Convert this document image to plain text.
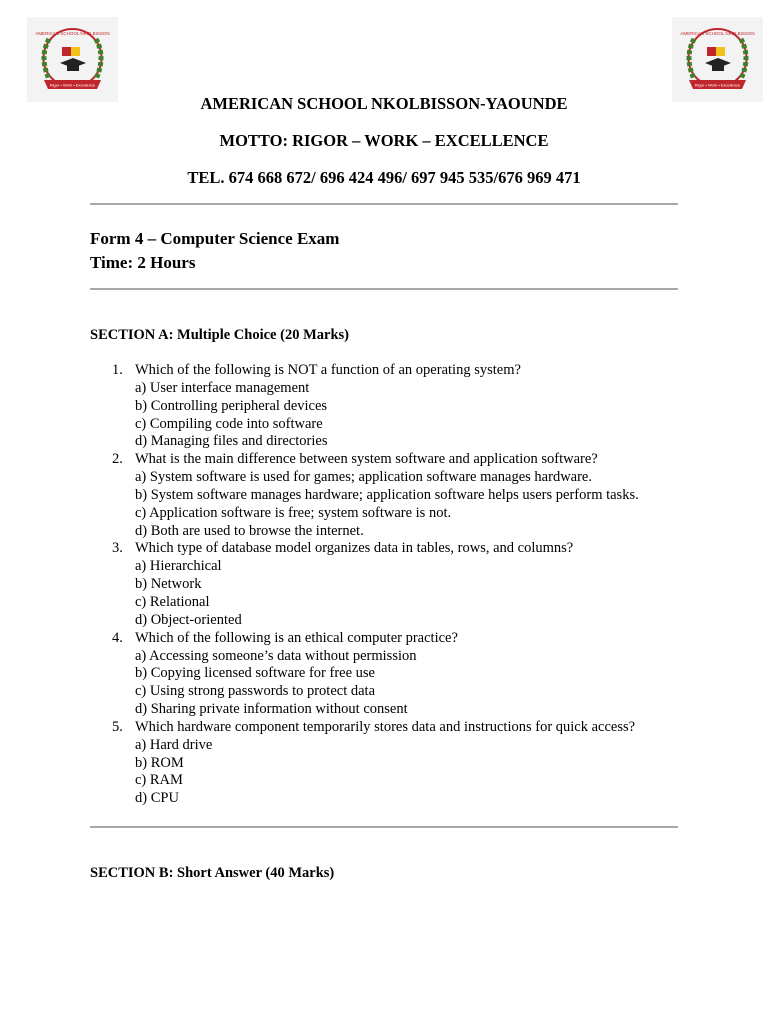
AMERICAN SCHOOL NKOLBISSON
Rigor • Work • Excellence
AMERICAN SCHOOL NKOLBISSON
Rigor • Work • Excellence
AMERICAN SCHOOL NKOLBISSON-YAOUNDE
MOTTO: RIGOR – WORK – EXCELLENCE
TEL. 674 668 672/ 696 424 496/ 697 945 535/676 969 471
Form 4 – Computer Science Exam
Time: 2 Hours
SECTION A: Multiple Choice (20 Marks)
1. Which of the following is NOT a function of an operating system?
a) User interface management
b) Controlling peripheral devices
c) Compiling code into software
d) Managing files and directories
2. What is the main difference between system software and application software?
a) System software is used for games; application software manages hardware.
b) System software manages hardware; application software helps users perform tasks.
c) Application software is free; system software is not.
d) Both are used to browse the internet.
3. Which type of database model organizes data in tables, rows, and columns?
a) Hierarchical
b) Network
c) Relational
d) Object-oriented
4. Which of the following is an ethical computer practice?
a) Accessing someone’s data without permission
b) Copying licensed software for free use
c) Using strong passwords to protect data
d) Sharing private information without consent
5. Which hardware component temporarily stores data and instructions for quick access?
a) Hard drive
b) ROM
c) RAM
d) CPU
SECTION B: Short Answer (40 Marks)
